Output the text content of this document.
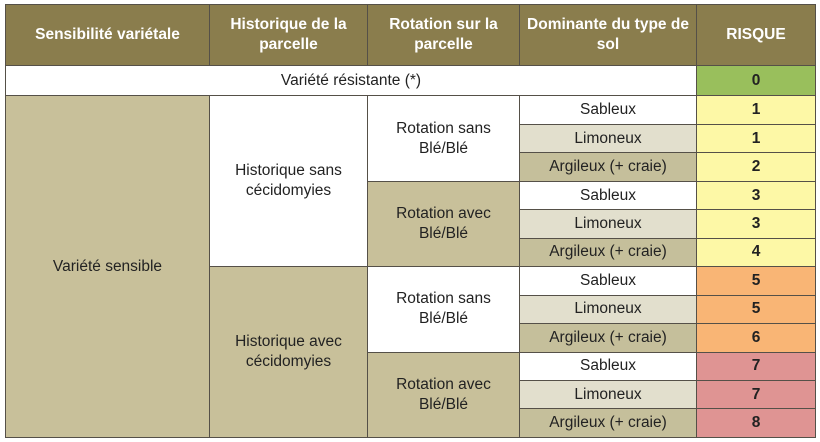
Sensibilité variétale	Historique de la parcelle	Rotation sur la parcelle	Dominante du type de sol	RISQUE
Variété résistante (*)				0
Variété sensible	Historique sans cécidomyies	Rotation sans Blé/Blé	Sableux	1
			Limoneux	1
			Argileux (+ craie)	2
		Rotation avec Blé/Blé	Sableux	3
			Limoneux	3
			Argileux (+ craie)	4
	Historique avec cécidomyies	Rotation sans Blé/Blé	Sableux	5
			Limoneux	5
			Argileux (+ craie)	6
		Rotation avec Blé/Blé	Sableux	7
			Limoneux	7
			Argileux (+ craie)	8
